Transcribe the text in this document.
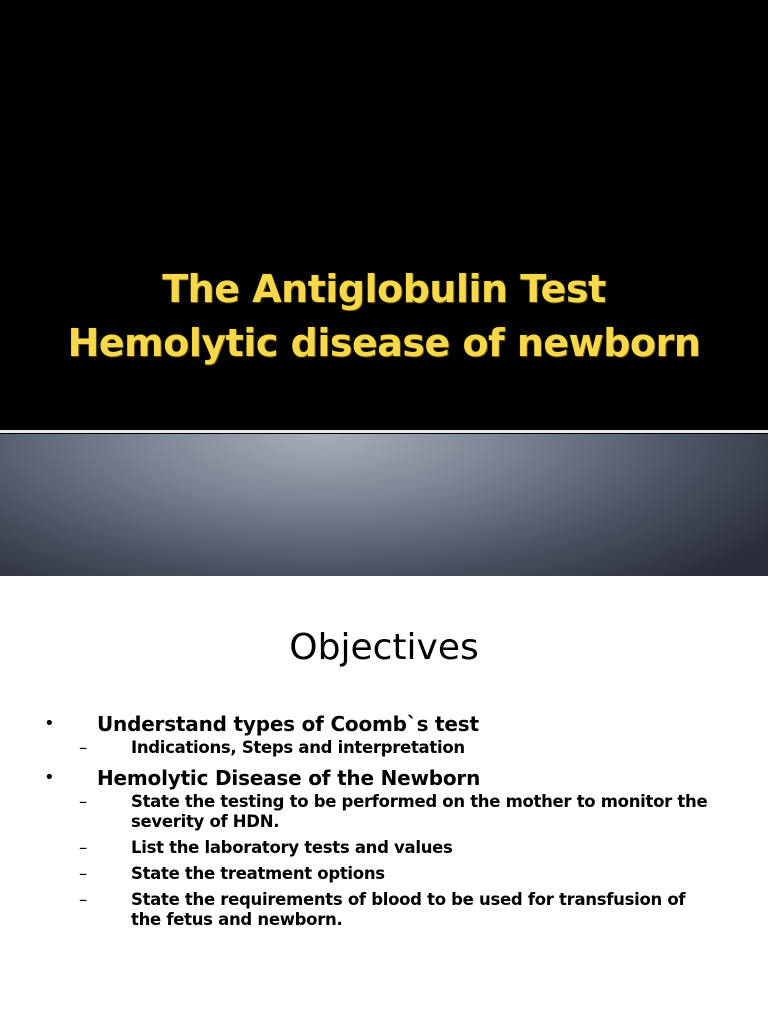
The Antiglobulin Test
Hemolytic disease of newborn
Objectives
• Understand types of Coomb`s test
–	Indications, Steps and interpretation
• Hemolytic Disease of the Newborn
–	State the testing to be performed on the mother to monitor the severity of HDN.
–	List the laboratory tests and values
–	State the treatment options
–	State the requirements of blood to be used for transfusion of the fetus and newborn.
